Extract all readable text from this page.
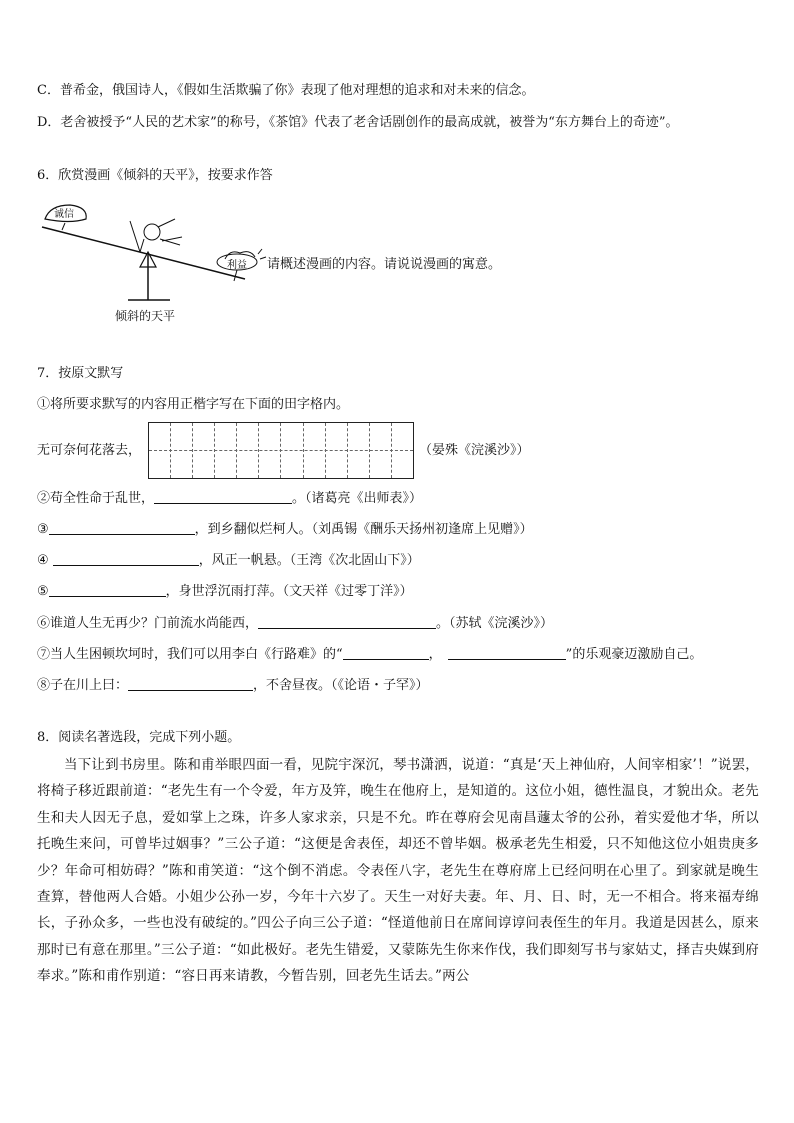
C．普希金，俄国诗人，《假如生活欺骗了你》表现了他对理想的追求和对未来的信念。
D．老舍被授予“人民的艺术家”的称号，《茶馆》代表了老舍话剧创作的最高成就，被誉为“东方舞台上的奇迹”。
6．欣赏漫画《倾斜的天平》，按要求作答
诚信
利益
倾斜的天平
请概述漫画的内容。请说说漫画的寓意。
7．按原文默写
①将所要求默写的内容用正楷字写在下面的田字格内。
无可奈何花落去，	（晏殊《浣溪沙》）
②苟全性命于乱世，	。（诸葛亮《出师表》）
③	，到乡翻似烂柯人。（刘禹锡《酬乐天扬州初逢席上见赠》）
④	，风正一帆悬。（王湾《次北固山下》）
⑤	，身世浮沉雨打萍。（文天祥《过零丁洋》）
⑥谁道人生无再少？门前流水尚能西，	。（苏轼《浣溪沙》）
⑦当人生困顿坎坷时，我们可以用李白《行路难》的“	，	”的乐观豪迈激励自己。
⑧子在川上曰：	，不舍昼夜。（《论语・子罕》）
8．阅读名著选段，完成下列小题。

当下让到书房里。陈和甫举眼四面一看，见院宇深沉，琴书潇洒，说道：“真是‘天上神仙府，人间宰相家’！”说罢，将椅子移近跟前道：“老先生有一个令爱，年方及笄，晚生在他府上，是知道的。这位小姐，德性温良，才貌出众。老先生和夫人因无子息，爱如掌上之珠，许多人家求亲，只是不允。昨在尊府会见南昌蘧太爷的公孙，着实爱他才华，所以托晚生来问，可曾毕过姻事？”三公子道：“这便是舍表侄，却还不曾毕姻。极承老先生相爱，只不知他这位小姐贵庚多少？年命可相妨碍？”陈和甫笑道：“这个倒不消虑。令表侄八字，老先生在尊府席上已经问明在心里了。到家就是晚生查算，替他两人合婚。小姐少公孙一岁，今年十六岁了。天生一对好夫妻。年、月、日、时，无一不相合。将来福寿绵长，子孙众多，一些也没有破绽的。”四公子向三公子道：“怪道他前日在席间谆谆问表侄生的年月。我道是因甚么，原来那时已有意在那里。”三公子道：“如此极好。老先生错爱，又蒙陈先生你来作伐，我们即刻写书与家姑丈，择吉央媒到府奉求。”陈和甫作别道：“容日再来请教，今暂告别，回老先生话去。”两公
